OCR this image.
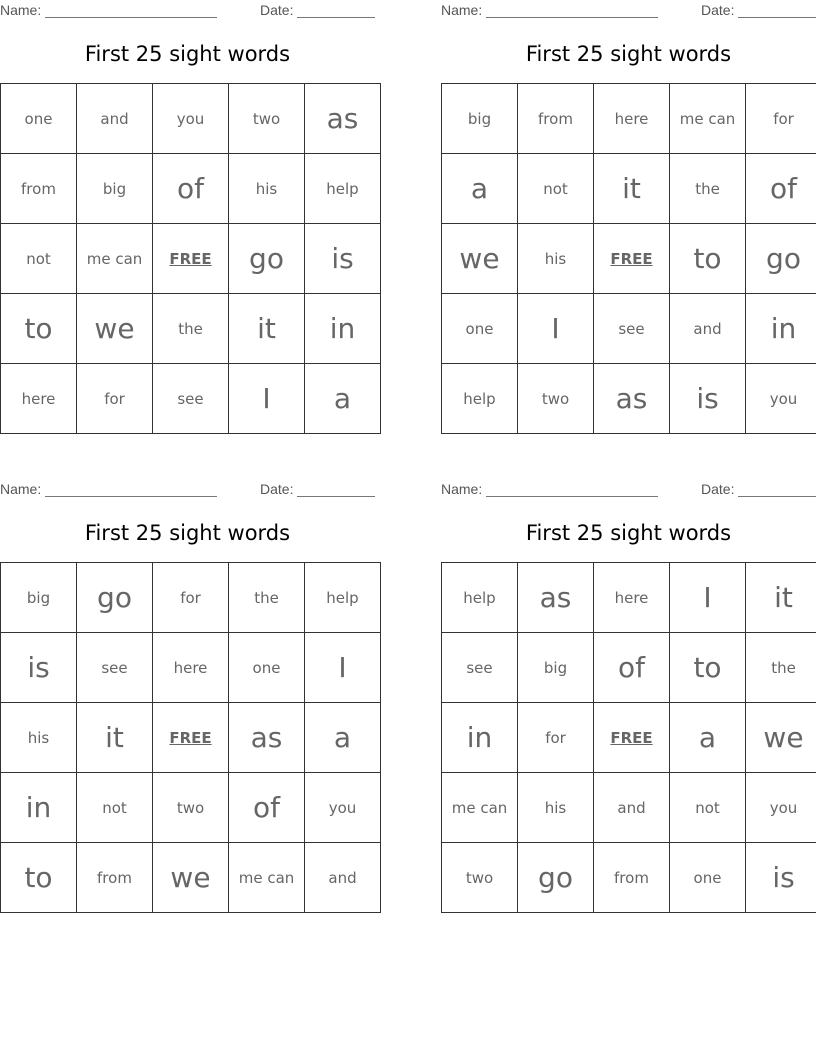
Name:	Date:
First 25 sight words
one	and	you	two	as
from	big	of	his	help
not	me can	FREE	go	is
to	we	the	it	in
here	for	see	I	a
Name:	Date:
First 25 sight words
big	from	here	me can	for
a	not	it	the	of
we	his	FREE	to	go
one	I	see	and	in
help	two	as	is	you
Name:	Date:
First 25 sight words
big	go	for	the	help
is	see	here	one	I
his	it	FREE	as	a
in	not	two	of	you
to	from	we	me can	and
Name:	Date:
First 25 sight words
help	as	here	I	it
see	big	of	to	the
in	for	FREE	a	we
me can	his	and	not	you
two	go	from	one	is
